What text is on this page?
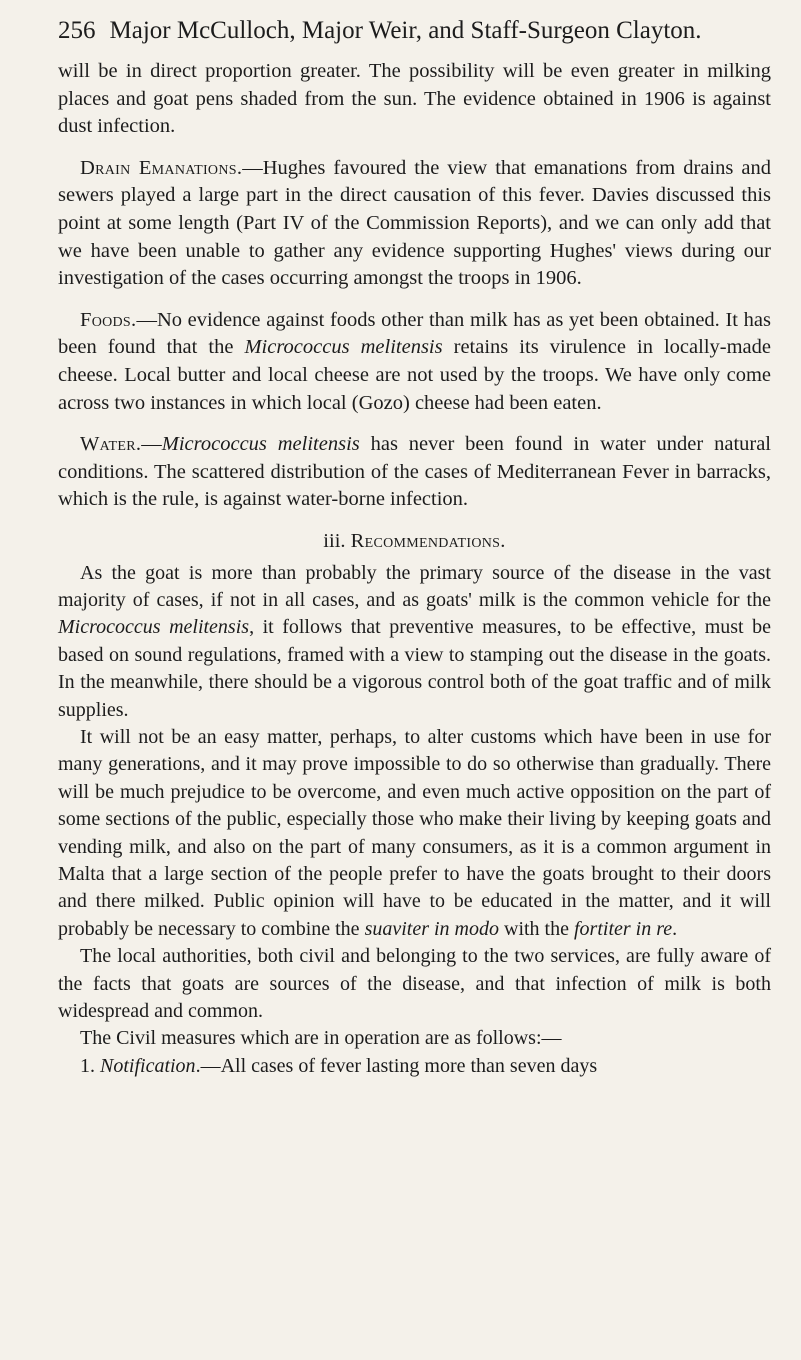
256 Major McCulloch, Major Weir, and Staff-Surgeon Clayton.

will be in direct proportion greater. The possibility will be even greater in milking places and goat pens shaded from the sun. The evidence obtained in 1906 is against dust infection.

Drain Emanations.—Hughes favoured the view that emanations from drains and sewers played a large part in the direct causation of this fever. Davies discussed this point at some length (Part IV of the Commission Reports), and we can only add that we have been unable to gather any evidence supporting Hughes' views during our investigation of the cases occurring amongst the troops in 1906.

Foods.—No evidence against foods other than milk has as yet been obtained. It has been found that the Micrococcus melitensis retains its virulence in locally-made cheese. Local butter and local cheese are not used by the troops. We have only come across two instances in which local (Gozo) cheese had been eaten.

Water.—Micrococcus melitensis has never been found in water under natural conditions. The scattered distribution of the cases of Mediterranean Fever in barracks, which is the rule, is against water-borne infection.

iii. Recommendations.

As the goat is more than probably the primary source of the disease in the vast majority of cases, if not in all cases, and as goats' milk is the common vehicle for the Micrococcus melitensis, it follows that preventive measures, to be effective, must be based on sound regulations, framed with a view to stamping out the disease in the goats. In the meanwhile, there should be a vigorous control both of the goat traffic and of milk supplies.

It will not be an easy matter, perhaps, to alter customs which have been in use for many generations, and it may prove impossible to do so otherwise than gradually. There will be much prejudice to be overcome, and even much active opposition on the part of some sections of the public, especially those who make their living by keeping goats and vending milk, and also on the part of many consumers, as it is a common argument in Malta that a large section of the people prefer to have the goats brought to their doors and there milked. Public opinion will have to be educated in the matter, and it will probably be necessary to combine the suaviter in modo with the fortiter in re.

The local authorities, both civil and belonging to the two services, are fully aware of the facts that goats are sources of the disease, and that infection of milk is both widespread and common.

The Civil measures which are in operation are as follows:—

1. Notification.—All cases of fever lasting more than seven days
